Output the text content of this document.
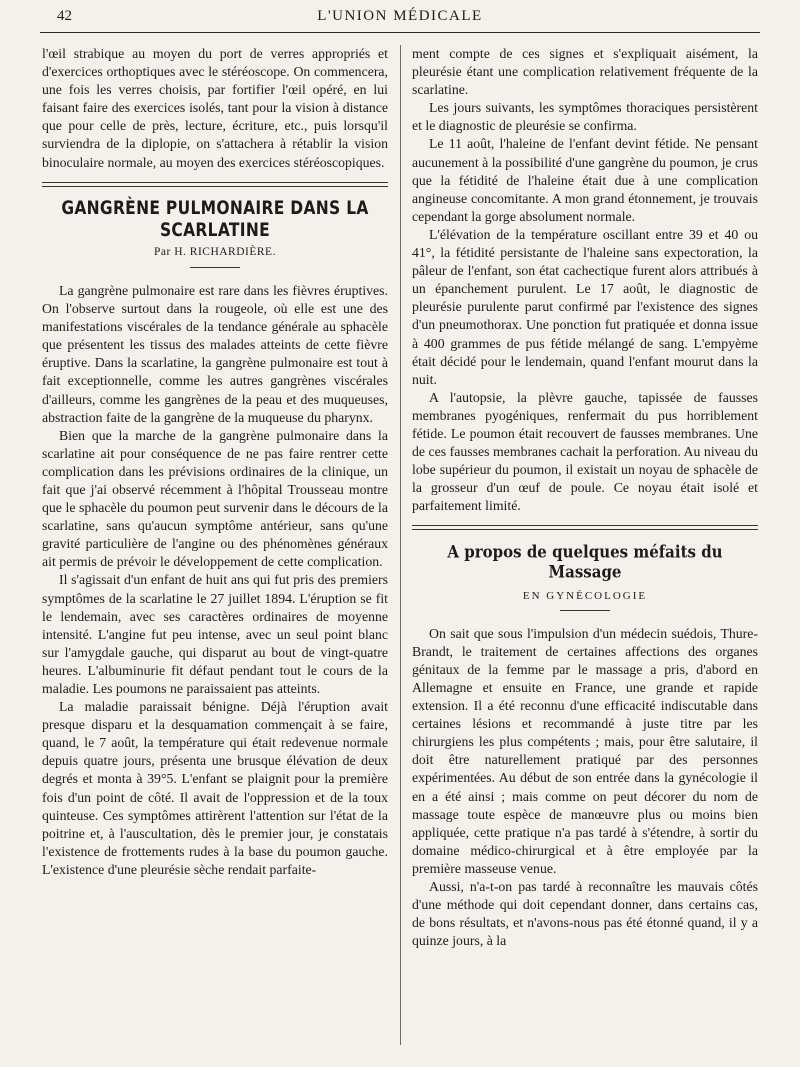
42	L'UNION MÉDICALE

l'œil strabique au moyen du port de verres appropriés et d'exercices orthoptiques avec le stéréoscope. On commencera, une fois les verres choisis, par fortifier l'œil opéré, en lui faisant faire des exercices isolés, tant pour la vision à distance que pour celle de près, lecture, écriture, etc., puis lorsqu'il surviendra de la diplopie, on s'attachera à rétablir la vision binoculaire normale, au moyen des exercices stéréoscopiques.

GANGRÈNE PULMONAIRE DANS LA SCARLATINE
Par H. RICHARDIÈRE.

La gangrène pulmonaire est rare dans les fièvres éruptives. On l'observe surtout dans la rougeole, où elle est une des manifestations viscérales de la tendance générale au sphacèle que présentent les tissus des malades atteints de cette fièvre éruptive. Dans la scarlatine, la gangrène pulmonaire est tout à fait exceptionnelle, comme les autres gangrènes viscérales d'ailleurs, comme les gangrènes de la peau et des muqueuses, abstraction faite de la gangrène de la muqueuse du pharynx.

Bien que la marche de la gangrène pulmonaire dans la scarlatine ait pour conséquence de ne pas faire rentrer cette complication dans les prévisions ordinaires de la clinique, un fait que j'ai observé récemment à l'hôpital Trousseau montre que le sphacèle du poumon peut survenir dans le décours de la scarlatine, sans qu'aucun symptôme antérieur, sans qu'une gravité particulière de l'angine ou des phénomènes généraux ait permis de prévoir le développement de cette complication.

Il s'agissait d'un enfant de huit ans qui fut pris des premiers symptômes de la scarlatine le 27 juillet 1894. L'éruption se fit le lendemain, avec ses caractères ordinaires de moyenne intensité. L'angine fut peu intense, avec un seul point blanc sur l'amygdale gauche, qui disparut au bout de vingt-quatre heures. L'albuminurie fit défaut pendant tout le cours de la maladie. Les poumons ne paraissaient pas atteints.

La maladie paraissait bénigne. Déjà l'éruption avait presque disparu et la desquamation commençait à se faire, quand, le 7 août, la température qui était redevenue normale depuis quatre jours, présenta une brusque élévation de deux degrés et monta à 39°5. L'enfant se plaignit pour la première fois d'un point de côté. Il avait de l'oppression et de la toux quinteuse. Ces symptômes attirèrent l'attention sur l'état de la poitrine et, à l'auscultation, dès le premier jour, je constatais l'existence de frottements rudes à la base du poumon gauche. L'existence d'une pleurésie sèche rendait parfaite-

ment compte de ces signes et s'expliquait aisément, la pleurésie étant une complication relativement fréquente de la scarlatine.

Les jours suivants, les symptômes thoraciques persistèrent et le diagnostic de pleurésie se confirma.

Le 11 août, l'haleine de l'enfant devint fétide. Ne pensant aucunement à la possibilité d'une gangrène du poumon, je crus que la fétidité de l'haleine était due à une complication angineuse concomitante. A mon grand étonnement, je trouvais cependant la gorge absolument normale.

L'élévation de la température oscillant entre 39 et 40 ou 41°, la fétidité persistante de l'haleine sans expectoration, la pâleur de l'enfant, son état cachectique furent alors attribués à un épanchement purulent. Le 17 août, le diagnostic de pleurésie purulente parut confirmé par l'existence des signes d'un pneumothorax. Une ponction fut pratiquée et donna issue à 400 grammes de pus fétide mélangé de sang. L'empyème était décidé pour le lendemain, quand l'enfant mourut dans la nuit.

A l'autopsie, la plèvre gauche, tapissée de fausses membranes pyogéniques, renfermait du pus horriblement fétide. Le poumon était recouvert de fausses membranes. Une de ces fausses membranes cachait la perforation. Au niveau du lobe supérieur du poumon, il existait un noyau de sphacèle de la grosseur d'un œuf de poule. Ce noyau était isolé et parfaitement limité.

A propos de quelques méfaits du Massage
EN GYNÉCOLOGIE

On sait que sous l'impulsion d'un médecin suédois, Thure-Brandt, le traitement de certaines affections des organes génitaux de la femme par le massage a pris, d'abord en Allemagne et ensuite en France, une grande et rapide extension. Il a été reconnu d'une efficacité indiscutable dans certaines lésions et recommandé à juste titre par les chirurgiens les plus compétents ; mais, pour être salutaire, il doit être naturellement pratiqué par des personnes expérimentées. Au début de son entrée dans la gynécologie il en a été ainsi ; mais comme on peut décorer du nom de massage toute espèce de manœuvre plus ou moins bien appliquée, cette pratique n'a pas tardé à s'étendre, à sortir du domaine médico-chirurgical et à être employée par la première masseuse venue.

Aussi, n'a-t-on pas tardé à reconnaître les mauvais côtés d'une méthode qui doit cependant donner, dans certains cas, de bons résultats, et n'avons-nous pas été étonné quand, il y a quinze jours, à la
